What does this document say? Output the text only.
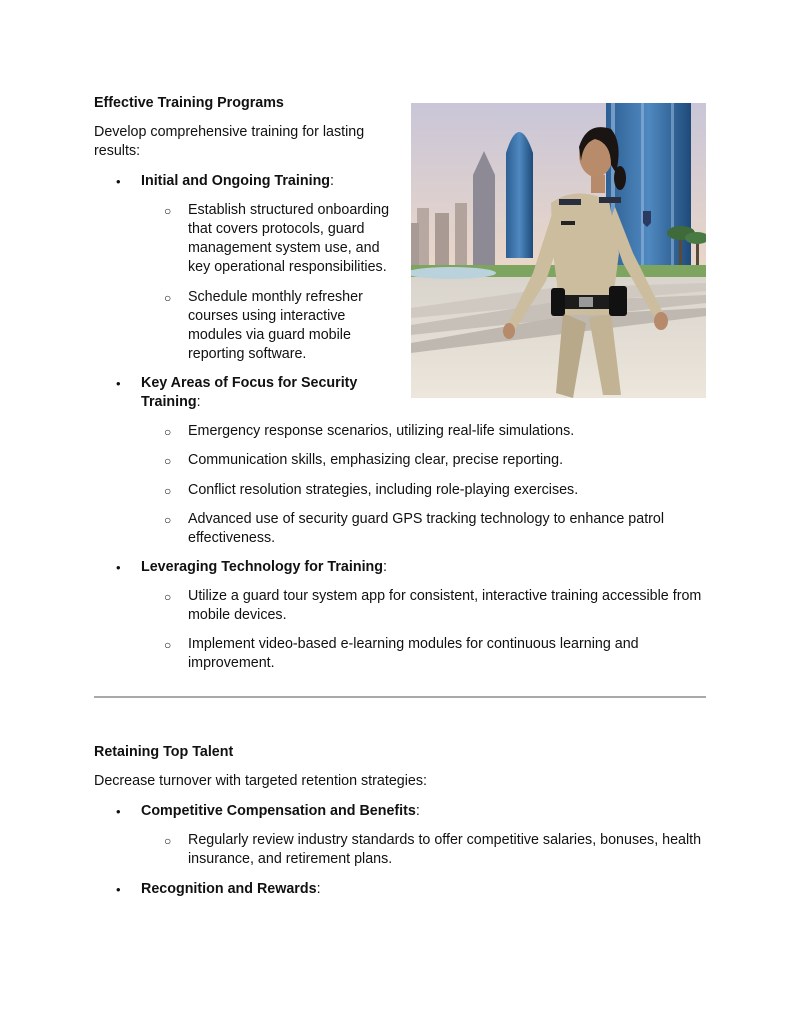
Effective Training Programs

Develop comprehensive training for lasting results:

• Initial and Ongoing Training:
○ Establish structured onboarding that covers protocols, guard management system use, and key operational responsibilities.

○ Schedule monthly refresher courses using interactive modules via guard mobile reporting software.

• Key Areas of Focus for Security Training:
○ Emergency response scenarios, utilizing real-life simulations.

○ Communication skills, emphasizing clear, precise reporting.

○ Conflict resolution strategies, including role-playing exercises.

○ Advanced use of security guard GPS tracking technology to enhance patrol effectiveness.

• Leveraging Technology for Training:
○ Utilize a guard tour system app for consistent, interactive training accessible from mobile devices.

○ Implement video-based e-learning modules for continuous learning and improvement.

Retaining Top Talent

Decrease turnover with targeted retention strategies:

• Competitive Compensation and Benefits:
○ Regularly review industry standards to offer competitive salaries, bonuses, health insurance, and retirement plans.

• Recognition and Rewards:
